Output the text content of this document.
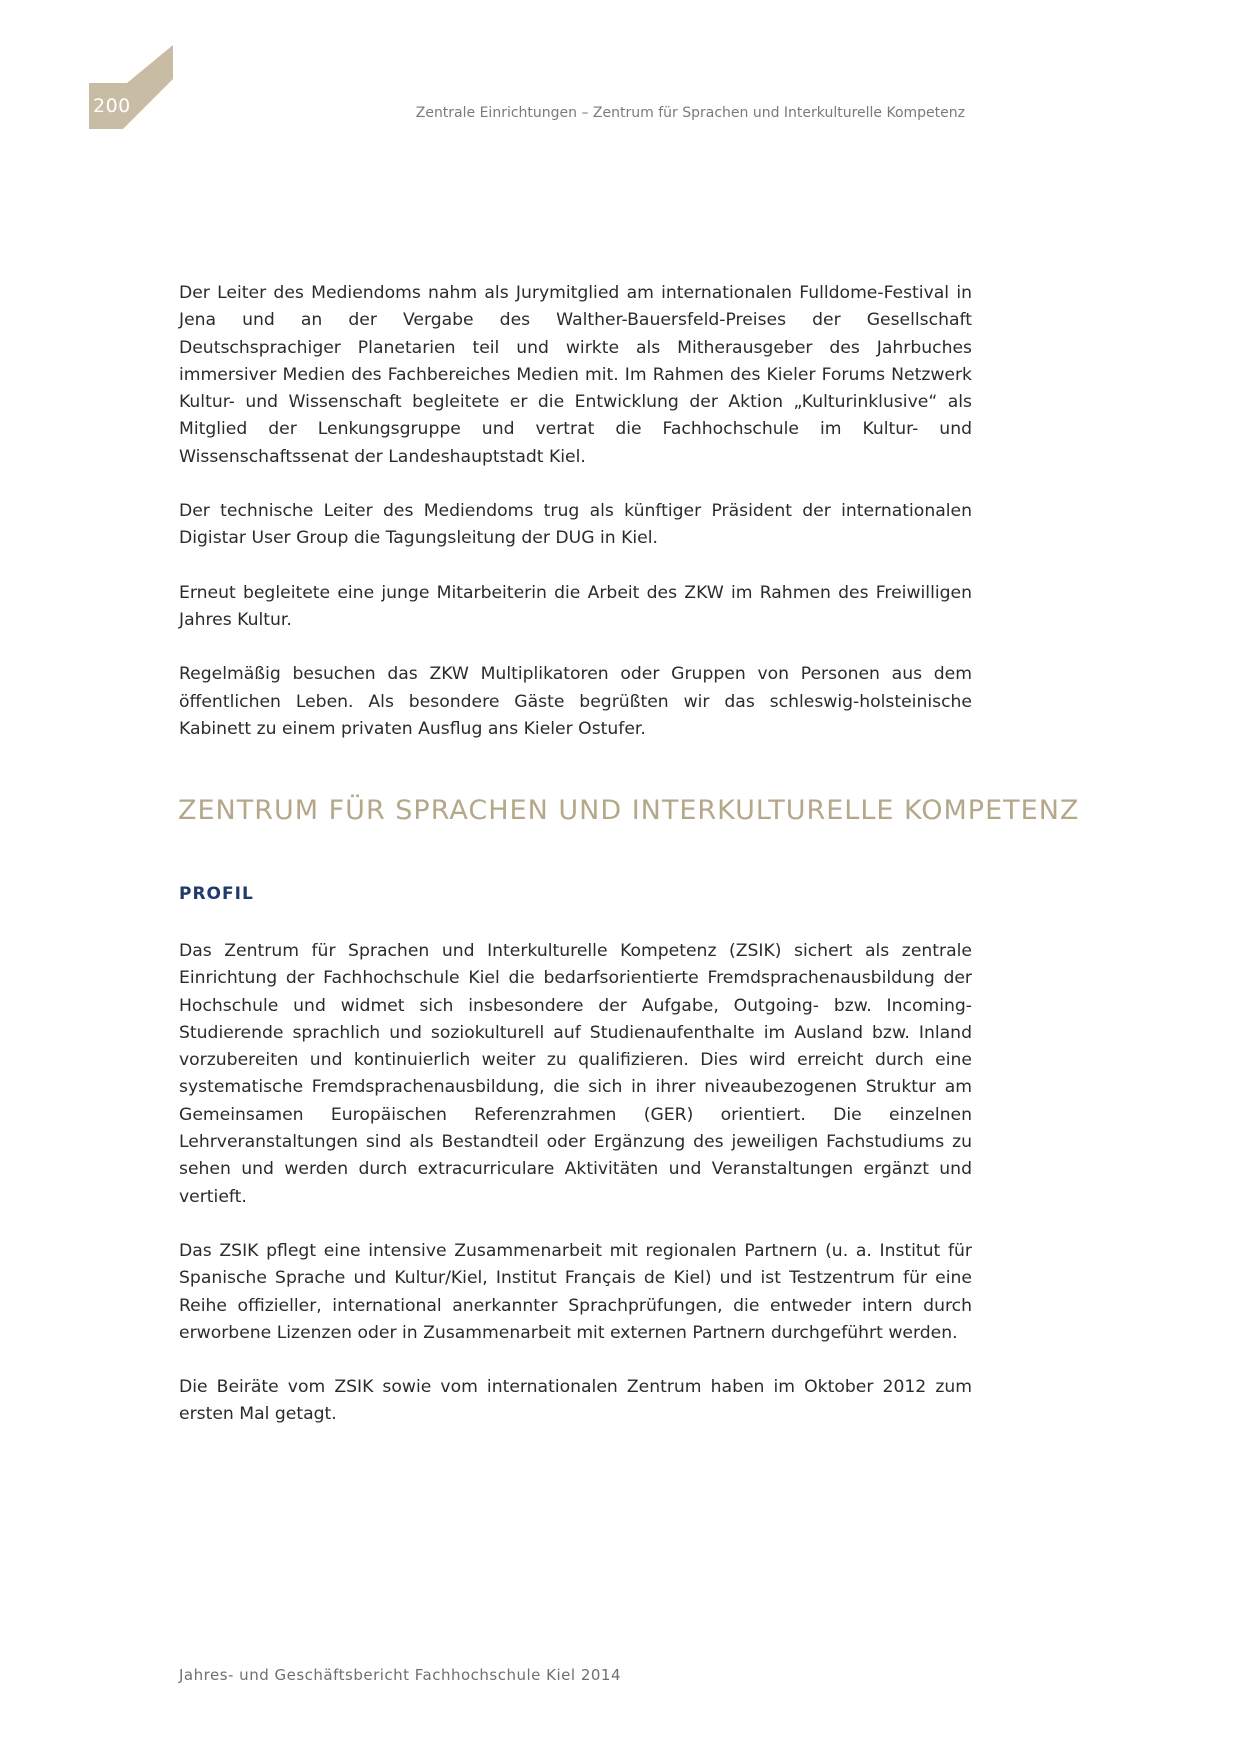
200	Zentrale Einrichtungen – Zentrum für Sprachen und Interkulturelle Kompetenz

Der Leiter des Mediendoms nahm als Jurymitglied am internationalen Fulldome-Festival in Jena und an der Vergabe des Walther-Bauersfeld-Preises der Gesellschaft Deutschsprachiger Planetarien teil und wirkte als Mitherausgeber des Jahrbuches immersiver Medien des Fachbereiches Medien mit. Im Rahmen des Kieler Forums Netzwerk Kultur- und Wissenschaft begleitete er die Entwicklung der Aktion „Kulturinklusive“ als Mitglied der Lenkungsgruppe und vertrat die Fachhochschule im Kultur- und Wissenschaftssenat der Landeshauptstadt Kiel.

Der technische Leiter des Mediendoms trug als künftiger Präsident der internationalen Digistar User Group die Tagungsleitung der DUG in Kiel.

Erneut begleitete eine junge Mitarbeiterin die Arbeit des ZKW im Rahmen des Freiwilligen Jahres Kultur.

Regelmäßig besuchen das ZKW Multiplikatoren oder Gruppen von Personen aus dem öffentlichen Leben. Als besondere Gäste begrüßten wir das schleswig-holsteinische Kabinett zu einem privaten Ausflug ans Kieler Ostufer.

ZENTRUM FÜR SPRACHEN UND INTERKULTURELLE KOMPETENZ
PROFIL

Das Zentrum für Sprachen und Interkulturelle Kompetenz (ZSIK) sichert als zentrale Einrichtung der Fachhochschule Kiel die bedarfsorientierte Fremdsprachenausbildung der Hochschule und widmet sich insbesondere der Aufgabe, Outgoing- bzw. Incoming-Studierende sprachlich und soziokulturell auf Studienaufenthalte im Ausland bzw. Inland vorzubereiten und kontinuierlich weiter zu qualifizieren. Dies wird erreicht durch eine systematische Fremdsprachenausbildung, die sich in ihrer niveaubezogenen Struktur am Gemeinsamen Europäischen Referenzrahmen (GER) orientiert. Die einzelnen Lehrveranstaltungen sind als Bestandteil oder Ergänzung des jeweiligen Fachstudiums zu sehen und werden durch extracurriculare Aktivitäten und Veranstaltungen ergänzt und vertieft.

Das ZSIK pflegt eine intensive Zusammenarbeit mit regionalen Partnern (u. a. Institut für Spanische Sprache und Kultur/Kiel, Institut Français de Kiel) und ist Testzentrum für eine Reihe offizieller, international anerkannter Sprachprüfungen, die entweder intern durch erworbene Lizenzen oder in Zusammenarbeit mit externen Partnern durchgeführt werden.

Die Beiräte vom ZSIK sowie vom internationalen Zentrum haben im Oktober 2012 zum ersten Mal getagt.

Jahres- und Geschäftsbericht Fachhochschule Kiel 2014
